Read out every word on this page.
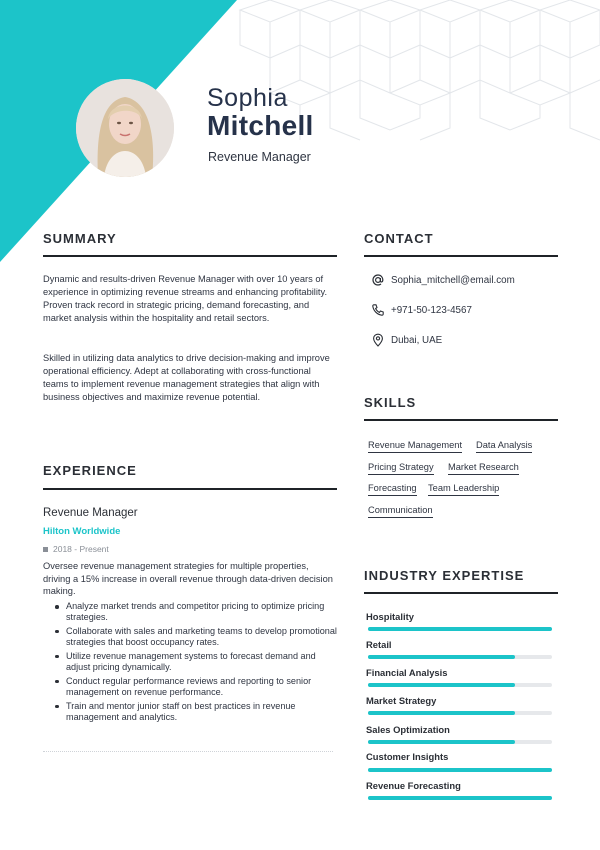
Sophia
Mitchell
Revenue Manager
SUMMARY
Dynamic and results-driven Revenue Manager with over 10 years of experience in optimizing revenue streams and enhancing profitability. Proven track record in strategic pricing, demand forecasting, and market analysis within the hospitality and retail sectors.
Skilled in utilizing data analytics to drive decision-making and improve operational efficiency. Adept at collaborating with cross-functional teams to implement revenue management strategies that align with business objectives and maximize revenue potential.
EXPERIENCE
Revenue Manager
Hilton Worldwide
2018 - Present
Oversee revenue management strategies for multiple properties, driving a 15% increase in overall revenue through data-driven decision making.
Analyze market trends and competitor pricing to optimize pricing strategies.
Collaborate with sales and marketing teams to develop promotional strategies that boost occupancy rates.
Utilize revenue management systems to forecast demand and adjust pricing dynamically.
Conduct regular performance reviews and reporting to senior management on revenue performance.
Train and mentor junior staff on best practices in revenue management and analytics.
CONTACT
Sophia_mitchell@email.com
+971-50-123-4567
Dubai, UAE
SKILLS
Revenue Management Data Analysis
Pricing Strategy Market Research
Forecasting Team Leadership
Communication
INDUSTRY EXPERTISE
Hospitality
Retail
Financial Analysis
Market Strategy
Sales Optimization
Customer Insights
Revenue Forecasting
